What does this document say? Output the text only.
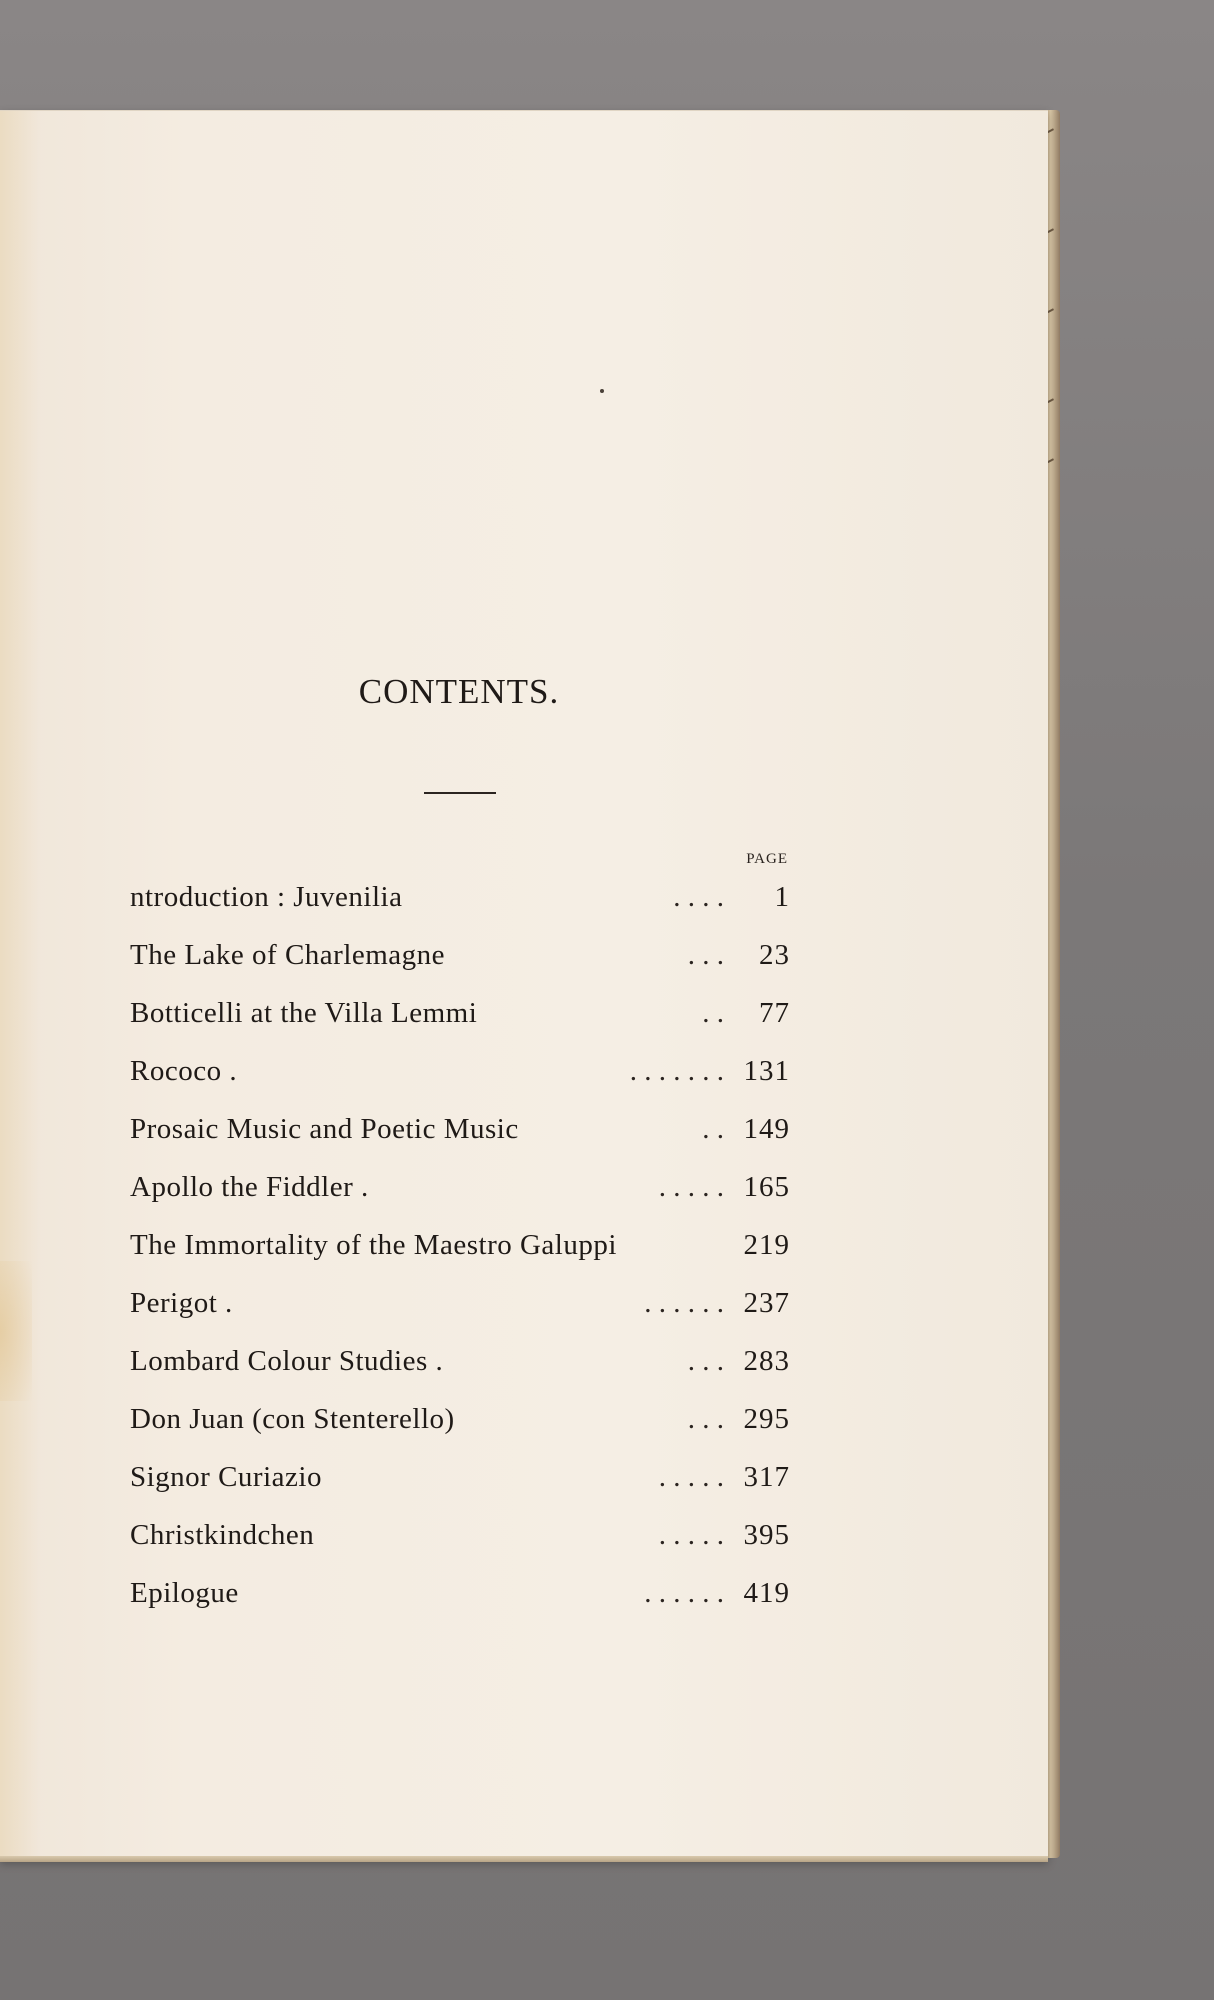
CONTENTS.
PAGE
ntroduction : Juvenilia	. . . .	1
The Lake of Charlemagne	. . .	23
Botticelli at the Villa Lemmi	. .	77
Rococo .	. . . . . . . 131
Prosaic Music and Poetic Music	. . 149
Apollo the Fiddler .	. . . . . 165
The Immortality of the Maestro Galuppi	219
Perigot .	. . . . . . 237
Lombard Colour Studies .	. . . 283
Don Juan (con Stenterello)	. . . 295
Signor Curiazio	. . . . . 317
Christkindchen	. . . . . 395
Epilogue	. . . . . . 419
